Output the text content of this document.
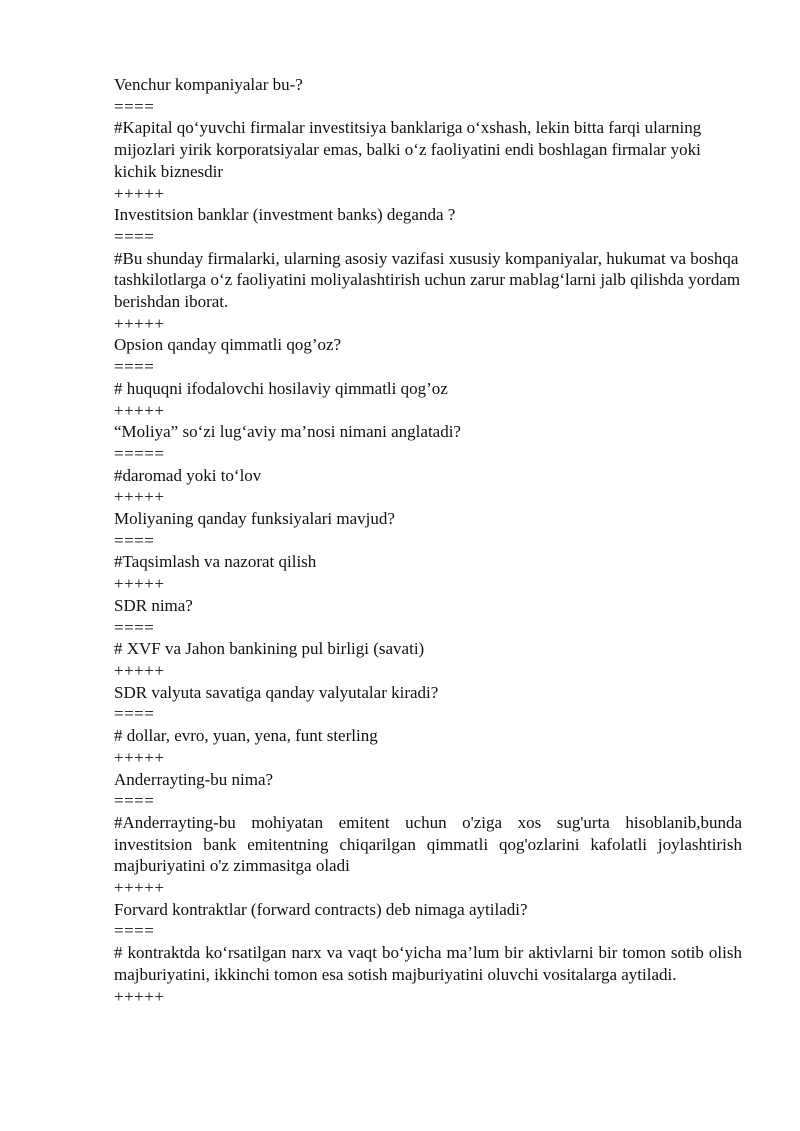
Venchur kompaniyalar bu-?
====
#Kapital qo‘yuvchi firmalar investitsiya banklariga o‘xshash, lekin bitta farqi ularning mijozlari yirik korporatsiyalar emas, balki o‘z faoliyatini endi boshlagan firmalar yoki kichik biznesdir
+++++
Investitsion banklar (investment banks) deganda ?
====
#Bu shunday firmalarki, ularning asosiy vazifasi xususiy kompaniyalar, hukumat va boshqa tashkilotlarga o‘z faoliyatini moliyalashtirish uchun zarur mablag‘larni jalb qilishda yordam berishdan iborat.
+++++
Opsion qanday qimmatli qog’oz?
====
# huquqni ifodalovchi hosilaviy qimmatli qog’oz
+++++
“Moliya” so‘zi lug‘aviy ma’nosi nimani anglatadi?
=====
#daromad yoki to‘lov
+++++
Moliyaning qanday funksiyalari mavjud?
====
#Taqsimlash va nazorat qilish
+++++
SDR nima?
====
# XVF va Jahon bankining pul birligi (savati)
+++++
SDR valyuta savatiga qanday valyutalar kiradi?
====
# dollar, evro, yuan, yena, funt sterling
+++++
Anderrayting-bu nima?
====
#Anderrayting-bu mohiyatan emitent uchun o'ziga xos sug'urta hisoblanib,bunda investitsion bank emitentning chiqarilgan qimmatli qog'ozlarini kafolatli joylashtirish majburiyatini o'z zimmasitga oladi
+++++
Forvard kontraktlar (forward contracts) deb nimaga aytiladi?
====
# kontraktda ko‘rsatilgan narx va vaqt bo‘yicha ma’lum bir aktivlarni bir tomon sotib olish majburiyatini, ikkinchi tomon esa sotish majburiyatini oluvchi vositalarga aytiladi.
+++++
